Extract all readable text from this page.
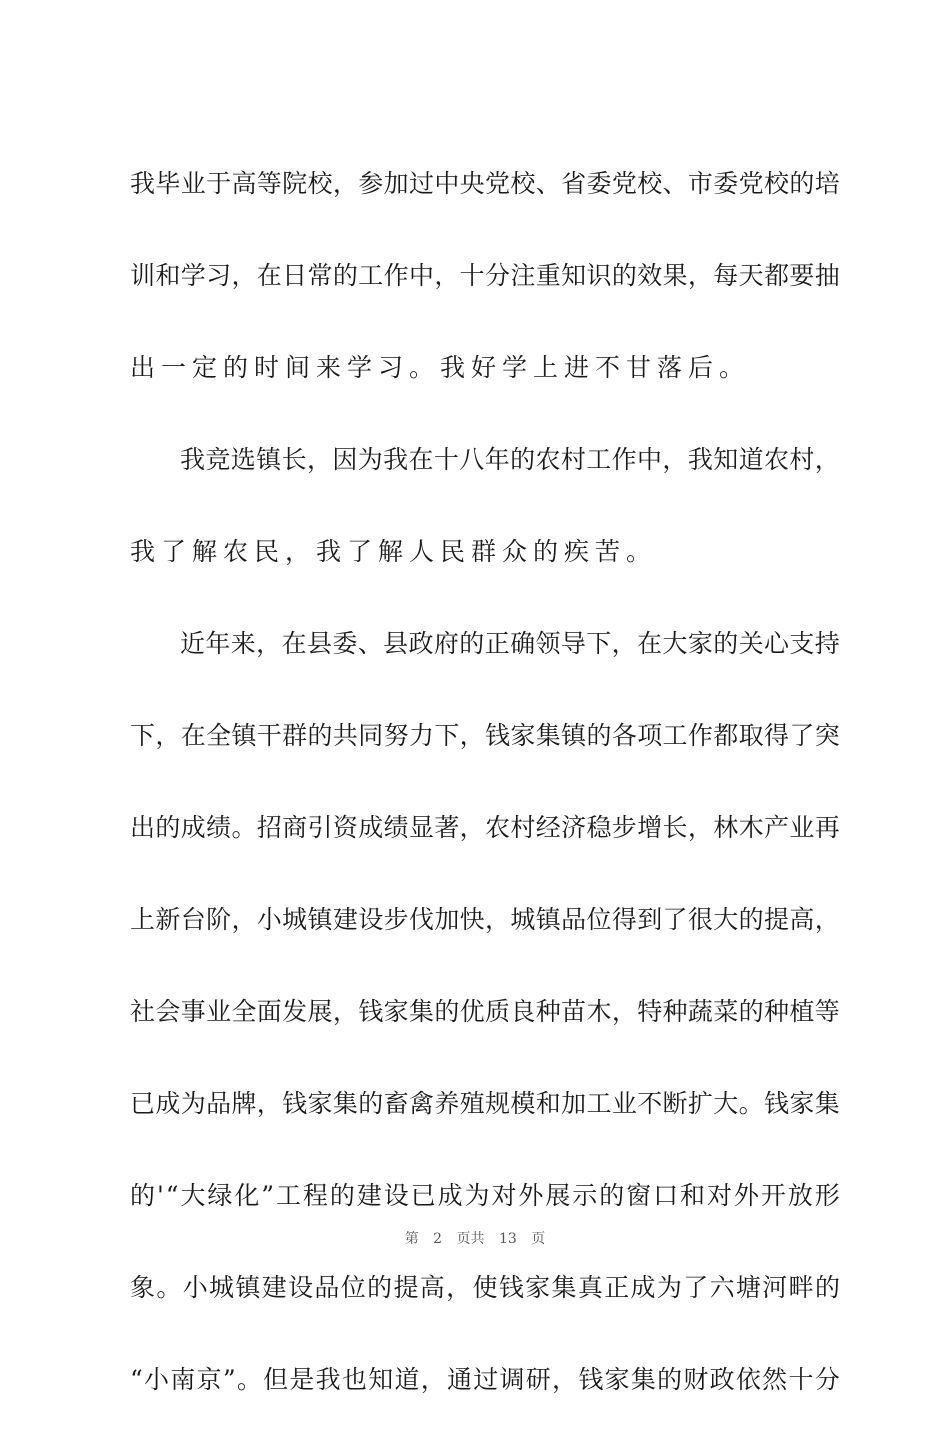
我 毕 业 于 高 等 院 校 ， 参 加 过 中 央 党 校 、 省 委 党 校 、 市 委 党 校 的 培
训 和 学 习 ， 在 日 常 的 工 作 中 ， 十 分 注 重 知 识 的 效 果 ， 每 天 都 要 抽
出一定的时间来学习。我好学上进不甘落后。
我 竞 选 镇 长 ， 因 为 我 在 十 八 年 的 农 村 工 作 中 ， 我 知 道 农 村 ，
我了解农民，我了解人民群众的疾苦。
近 年 来 ， 在 县 委 、 县 政 府 的 正 确 领 导 下 ， 在 大 家 的 关 心 支 持
下 ， 在 全 镇 干 群 的 共 同 努 力 下 ， 钱 家 集 镇 的 各 项 工 作 都 取 得 了 突
出 的 成 绩 。 招 商 引 资 成 绩 显 著 ， 农 村 经 济 稳 步 增 长 ， 林 木 产 业 再
上 新 台 阶 ， 小 城 镇 建 设 步 伐 加 快 ， 城 镇 品 位 得 到 了 很 大 的 提 高 ，
社 会 事 业 全 面 发 展 ， 钱 家 集 的 优 质 良 种 苗 木 ， 特 种 蔬 菜 的 种 植 等
已 成 为 品 牌 ， 钱 家 集 的 畜 禽 养 殖 规 模 和 加 工 业 不 断 扩 大 。 钱 家 集
的 ' “ 大 绿 化 ” 工 程 的 建 设 已 成 为 对 外 展 示 的 窗 口 和 对 外 开 放 形
象 。 小 城 镇 建 设 品 位 的 提 高 ， 使 钱 家 集 真 正 成 为 了 六 塘 河 畔 的
“ 小 南 京 ” 。 但 是 我 也 知 道 ， 通 过 调 研 ， 钱 家 集 的 财 政 依 然 十 分
第 2 页共 13 页
